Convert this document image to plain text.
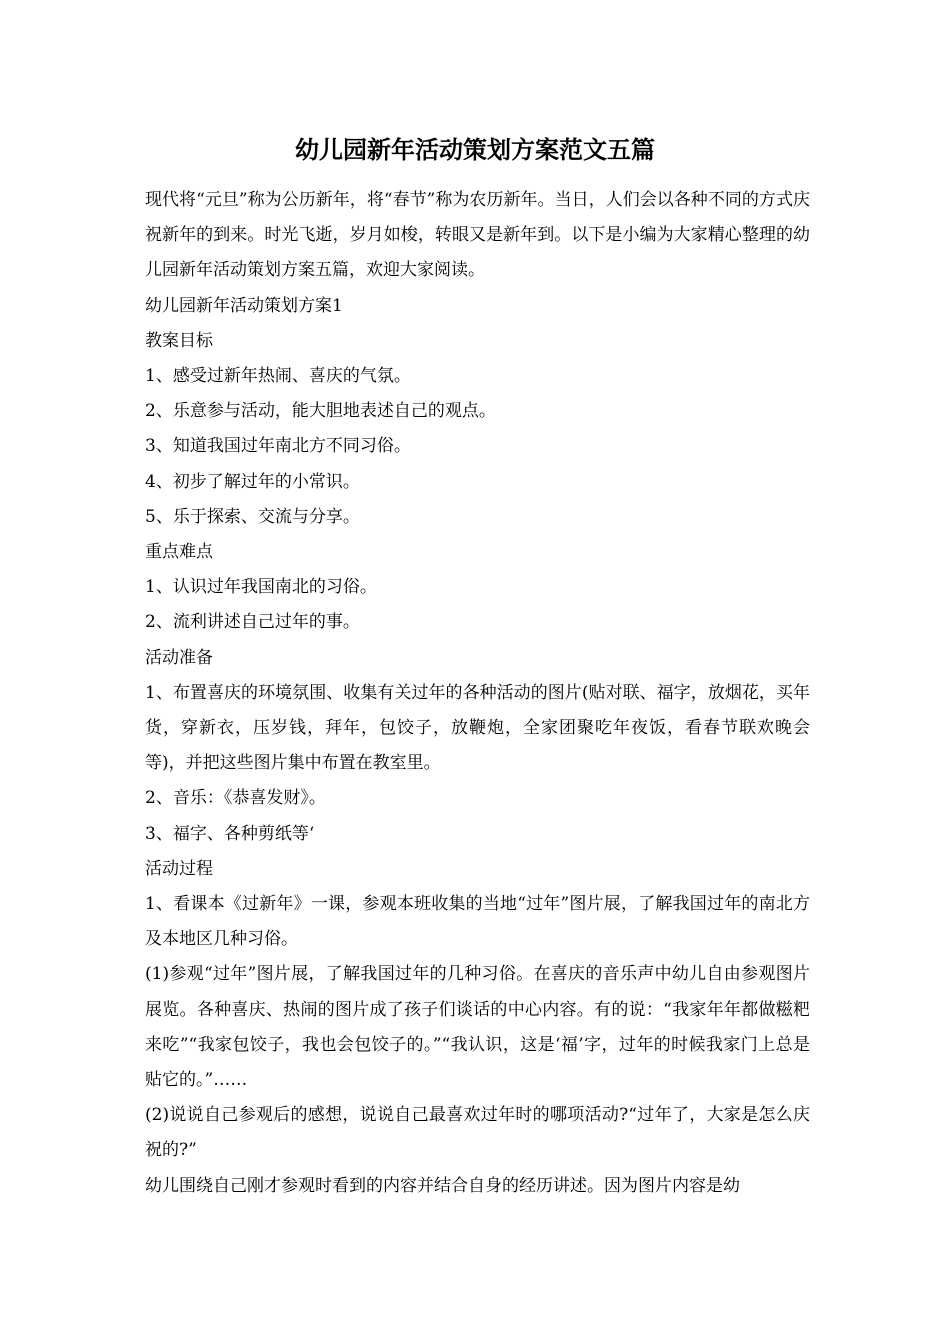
幼儿园新年活动策划方案范文五篇

现代将“元旦”称为公历新年，将“春节”称为农历新年。当日，人们会以各种不同的方式庆祝新年的到来。时光飞逝，岁月如梭，转眼又是新年到。以下是小编为大家精心整理的幼儿园新年活动策划方案五篇，欢迎大家阅读。

幼儿园新年活动策划方案1

教案目标

1、感受过新年热闹、喜庆的气氛。

2、乐意参与活动，能大胆地表述自己的观点。

3、知道我国过年南北方不同习俗。

4、初步了解过年的小常识。

5、乐于探索、交流与分享。

重点难点

1、认识过年我国南北的习俗。

2、流利讲述自己过年的事。

活动准备

1、布置喜庆的环境氛围、收集有关过年的各种活动的图片(贴对联、福字，放烟花，买年货，穿新衣，压岁钱，拜年，包饺子，放鞭炮，全家团聚吃年夜饭，看春节联欢晚会等)，并把这些图片集中布置在教室里。

2、音乐：《恭喜发财》。

3、福字、各种剪纸等‘

活动过程

1、看课本《过新年》一课，参观本班收集的当地“过年”图片展，了解我国过年的南北方及本地区几种习俗。

(1)参观“过年”图片展，了解我国过年的几种习俗。在喜庆的音乐声中幼儿自由参观图片展览。各种喜庆、热闹的图片成了孩子们谈话的中心内容。有的说：“我家年年都做糍粑来吃”“我家包饺子，我也会包饺子的。”“我认识，这是‘福’字，过年的时候我家门上总是贴它的。”……

(2)说说自己参观后的感想，说说自己最喜欢过年时的哪项活动?“过年了，大家是怎么庆祝的?”

幼儿围绕自己刚才参观时看到的内容并结合自身的经历讲述。因为图片内容是幼
